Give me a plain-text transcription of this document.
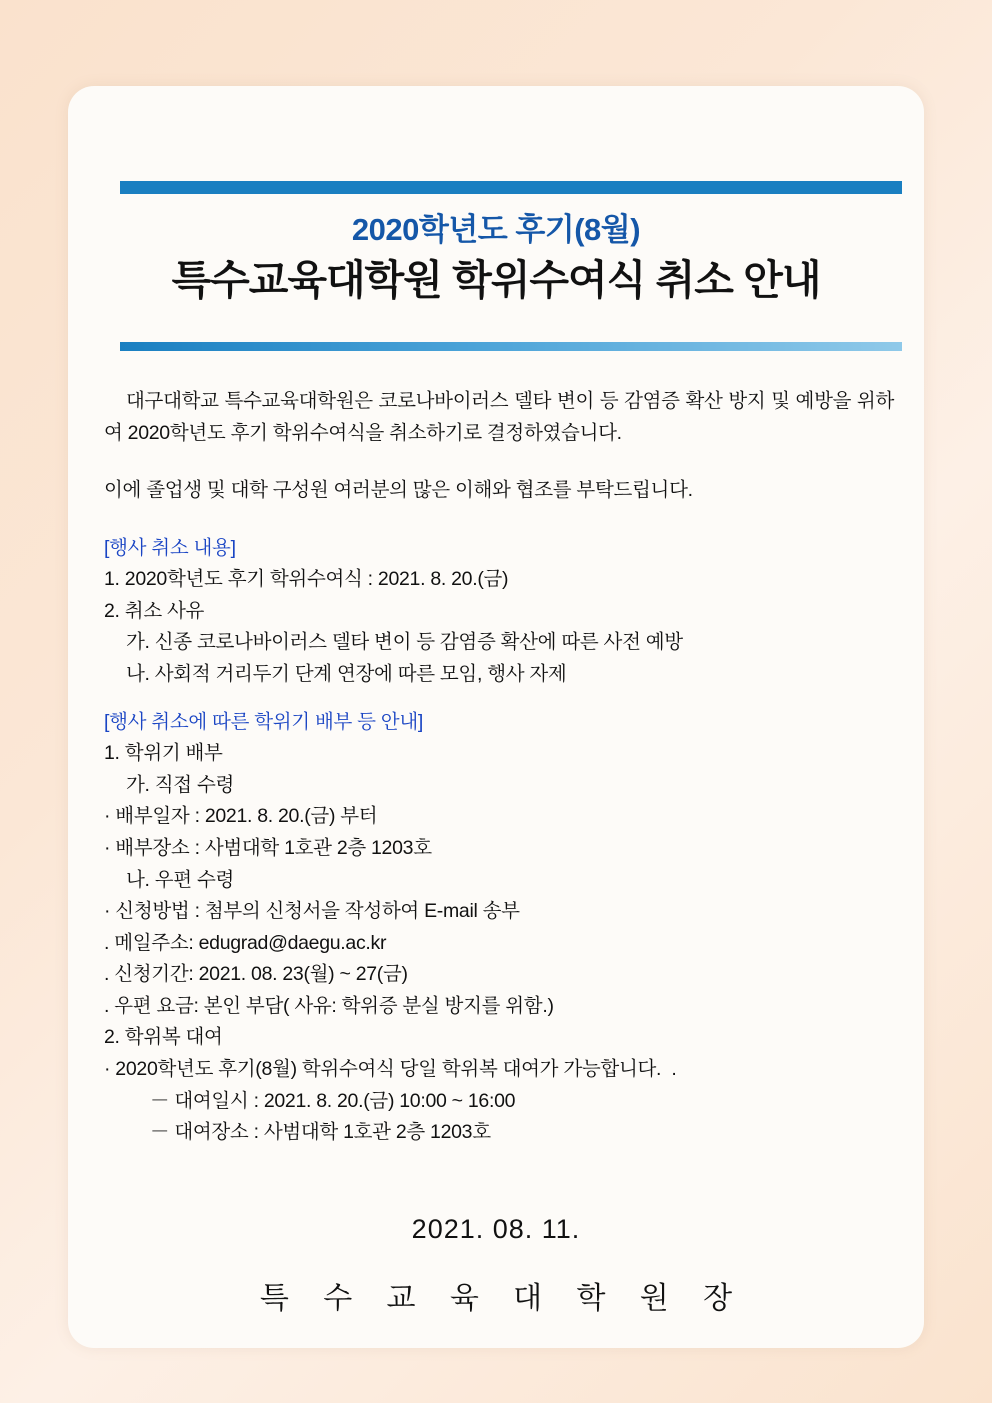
2020학년도 후기(8월)
특수교육대학원 학위수여식 취소 안내

대구대학교 특수교육대학원은 코로나바이러스 델타 변이 등 감염증 확산 방지 및 예방을 위하여 2020학년도 후기 학위수여식을 취소하기로 결정하였습니다.

이에 졸업생 및 대학 구성원 여러분의 많은 이해와 협조를 부탁드립니다.

[행사 취소 내용]

1. 2020학년도 후기 학위수여식 : 2021. 8. 20.(금)

2. 취소 사유

가. 신종 코로나바이러스 델타 변이 등 감염증 확산에 따른 사전 예방

나. 사회적 거리두기 단계 연장에 따른 모임, 행사 자제

[행사 취소에 따른 학위기 배부 등 안내]

1. 학위기 배부

가. 직접 수령

· 배부일자 : 2021. 8. 20.(금) 부터

· 배부장소 : 사범대학 1호관 2층 1203호

나. 우편 수령

· 신청방법 : 첨부의 신청서을 작성하여 E-mail 송부

. 메일주소: edugrad@daegu.ac.kr

. 신청기간: 2021. 08. 23(월) ~ 27(금)

. 우편 요금: 본인 부담( 사유: 학위증 분실 방지를 위함.)

2. 학위복 대여

· 2020학년도 후기(8월) 학위수여식 당일 학위복 대여가 가능합니다.  .

－ 대여일시 : 2021. 8. 20.(금) 10:00 ~ 16:00

－ 대여장소 : 사범대학 1호관 2층 1203호

2021. 08. 11.
특 수 교 육 대 학 원 장
